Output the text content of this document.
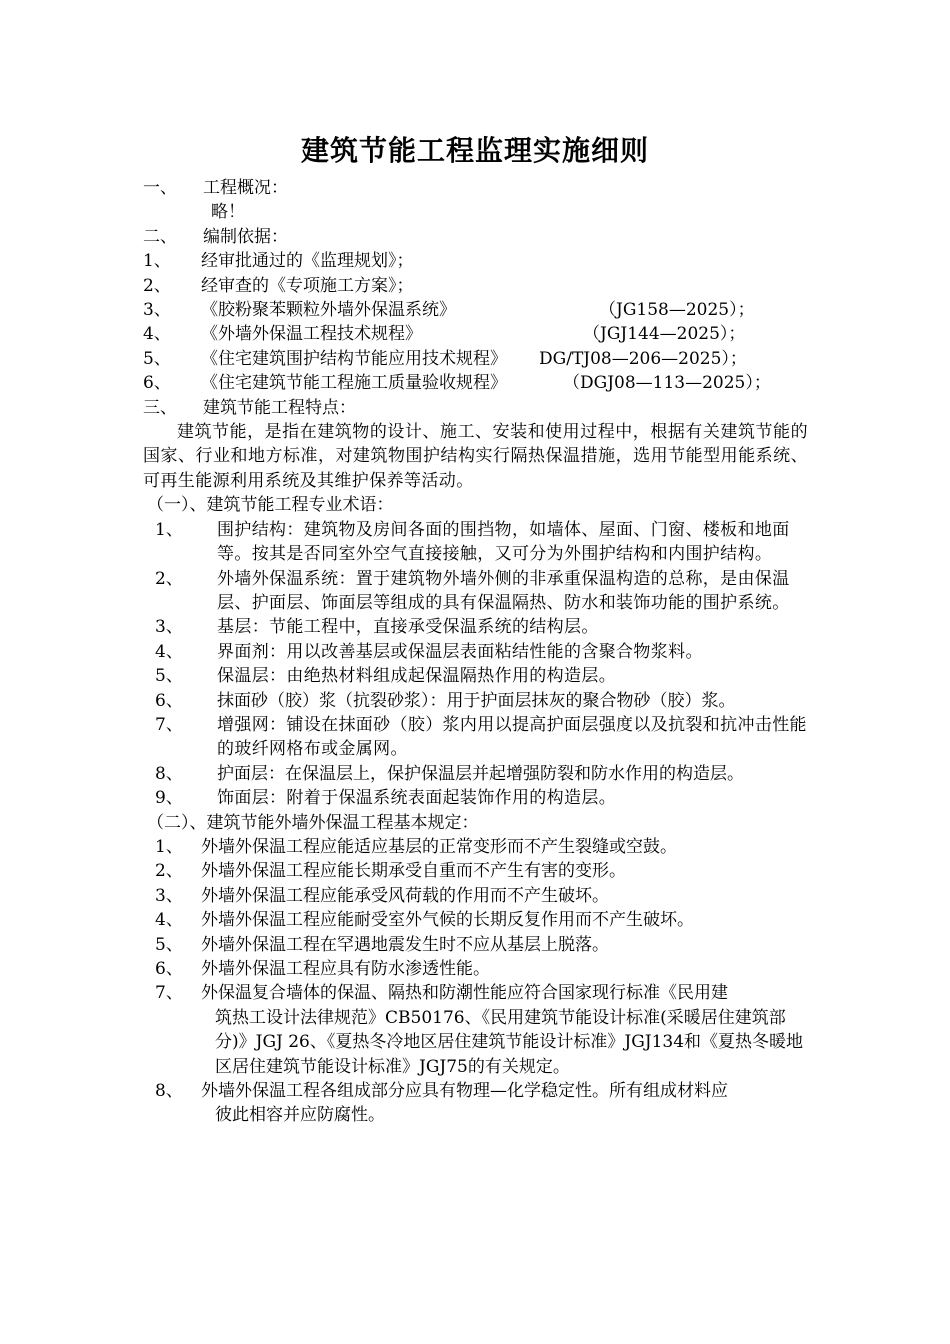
建筑节能工程监理实施细则
一、	工程概况：
略！
二、	编制依据：
1、	经审批通过的《监理规划》；
2、	经审查的《专项施工方案》；
3、	《胶粉聚苯颗粒外墙外保温系统》	（JG158—2025）；
4、	《外墙外保温工程技术规程》	（JGJ144—2025）；
5、	《住宅建筑围护结构节能应用技术规程》	DG/TJ08—206—2025）；
6、	《住宅建筑节能工程施工质量验收规程》	（DGJ08—113—2025）；
三、	建筑节能工程特点：
建筑节能，是指在建筑物的设计、施工、安装和使用过程中，根据有关建筑节能的国家、行业和地方标准，对建筑物围护结构实行隔热保温措施，选用节能型用能系统、可再生能源利用系统及其维护保养等活动。
（一）、建筑节能工程专业术语：
1、	围护结构：建筑物及房间各面的围挡物，如墙体、屋面、门窗、楼板和地面等。按其是否同室外空气直接接触，又可分为外围护结构和内围护结构。
2、	外墙外保温系统：置于建筑物外墙外侧的非承重保温构造的总称，是由保温层、护面层、饰面层等组成的具有保温隔热、防水和装饰功能的围护系统。
3、	基层：节能工程中，直接承受保温系统的结构层。
4、	界面剂：用以改善基层或保温层表面粘结性能的含聚合物浆料。
5、	保温层：由绝热材料组成起保温隔热作用的构造层。
6、	抹面砂（胶）浆（抗裂砂浆）：用于护面层抹灰的聚合物砂（胶）浆。
7、	增强网：铺设在抹面砂（胶）浆内用以提高护面层强度以及抗裂和抗冲击性能的玻纤网格布或金属网。
8、	护面层：在保温层上，保护保温层并起增强防裂和防水作用的构造层。
9、	饰面层：附着于保温系统表面起装饰作用的构造层。
（二）、建筑节能外墙外保温工程基本规定：
1、	外墙外保温工程应能适应基层的正常变形而不产生裂缝或空鼓。
2、	外墙外保温工程应能长期承受自重而不产生有害的变形。
3、	外墙外保温工程应能承受风荷载的作用而不产生破坏。
4、	外墙外保温工程应能耐受室外气候的长期反复作用而不产生破坏。
5、	外墙外保温工程在罕遇地震发生时不应从基层上脱落。
6、	外墙外保温工程应具有防水渗透性能。
7、	外保温复合墙体的保温、隔热和防潮性能应符合国家现行标准《民用建
筑热工设计法律规范》CB50176、《民用建筑节能设计标准(采暖居住建筑部分)》JGJ 26、《夏热冬冷地区居住建筑节能设计标准》JGJ134和《夏热冬暖地区居住建筑节能设计标准》JGJ75的有关规定。
8、	外墙外保温工程各组成部分应具有物理—化学稳定性。所有组成材料应
彼此相容并应防腐性。
